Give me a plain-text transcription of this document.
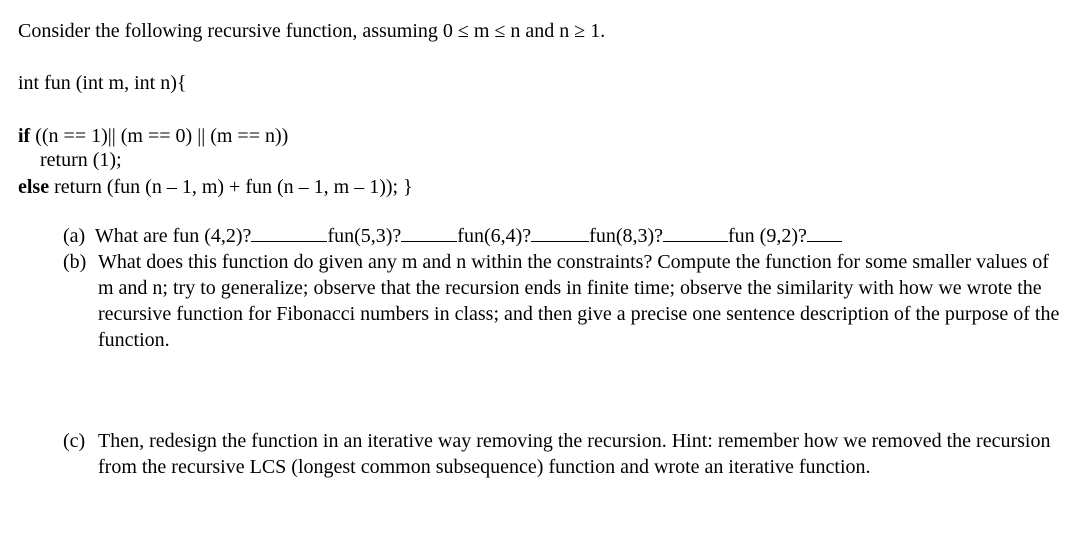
Consider the following recursive function, assuming 0 ≤ m ≤ n and n ≥ 1.
int fun (int m, int n){
if ((n == 1)|| (m == 0) || (m == n))
return (1);
else return (fun (n – 1, m) + fun (n – 1, m – 1)); }
(a) What are fun (4,2)?	fun(5,3)?	fun(6,4)?	fun(8,3)?	fun (9,2)?
(b) What does this function do given any m and n within the constraints? Compute the function for some smaller values of m and n; try to generalize; observe that the recursion ends in finite time; observe the similarity with how we wrote the recursive function for Fibonacci numbers in class; and then give a precise one sentence description of the purpose of the function.
(c) Then, redesign the function in an iterative way removing the recursion. Hint: remember how we removed the recursion from the recursive LCS (longest common subsequence) function and wrote an iterative function.
